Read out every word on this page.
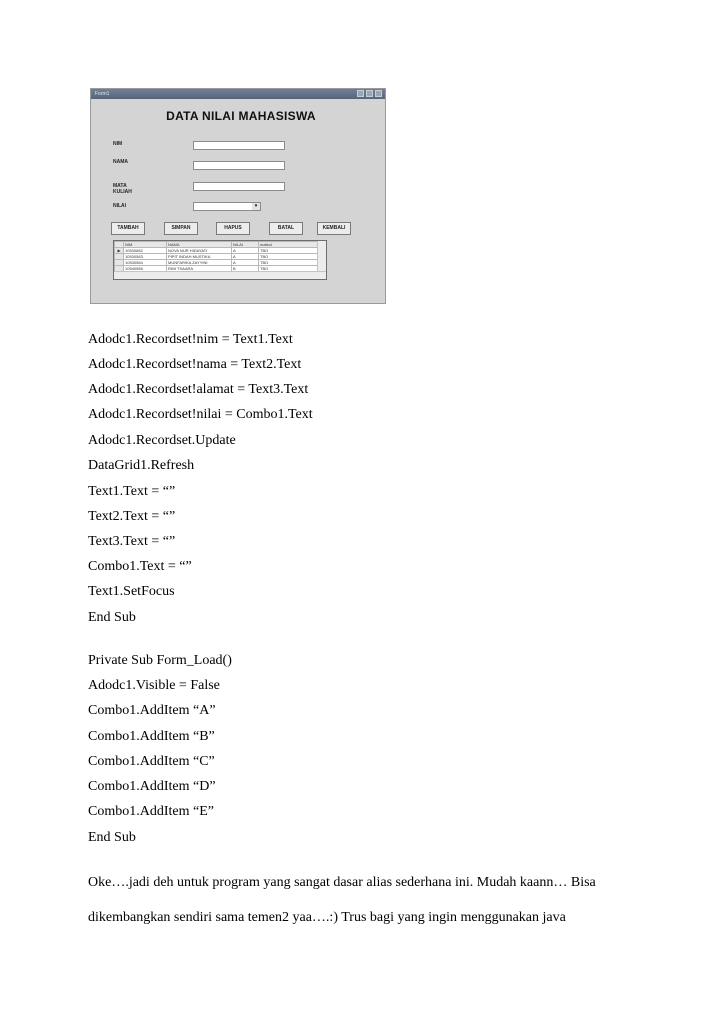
Form1
DATA NILAI MAHASISWA
NIM
NAMA
MATA
KULIAH
NILAI	▾
TAMBAH	SIMPAN	HAPUS	BATAL	KEMBALI
	NIM	NAMA	NILAI	matkul
▶	10530682	NOVA NUR HIDAYATI	A	TBO
	10530583	PIPIT INDAH MUSTIKA	A	TBO
	10530584	MUNFARIKA ZAYYINI	A	TBO
	10540585	RINI TSAARA	B	TBO
Adodc1.Recordset!nim = Text1.Text
Adodc1.Recordset!nama = Text2.Text
Adodc1.Recordset!alamat = Text3.Text
Adodc1.Recordset!nilai = Combo1.Text
Adodc1.Recordset.Update
DataGrid1.Refresh
Text1.Text = “”
Text2.Text = “”
Text3.Text = “”
Combo1.Text = “”
Text1.SetFocus
End Sub
Private Sub Form_Load()
Adodc1.Visible = False
Combo1.AddItem “A”
Combo1.AddItem “B”
Combo1.AddItem “C”
Combo1.AddItem “D”
Combo1.AddItem “E”
End Sub
Oke….jadi deh untuk program yang sangat dasar alias sederhana ini. Mudah kaann… Bisa
dikembangkan sendiri sama temen2 yaa….:) Trus bagi yang ingin menggunakan java
